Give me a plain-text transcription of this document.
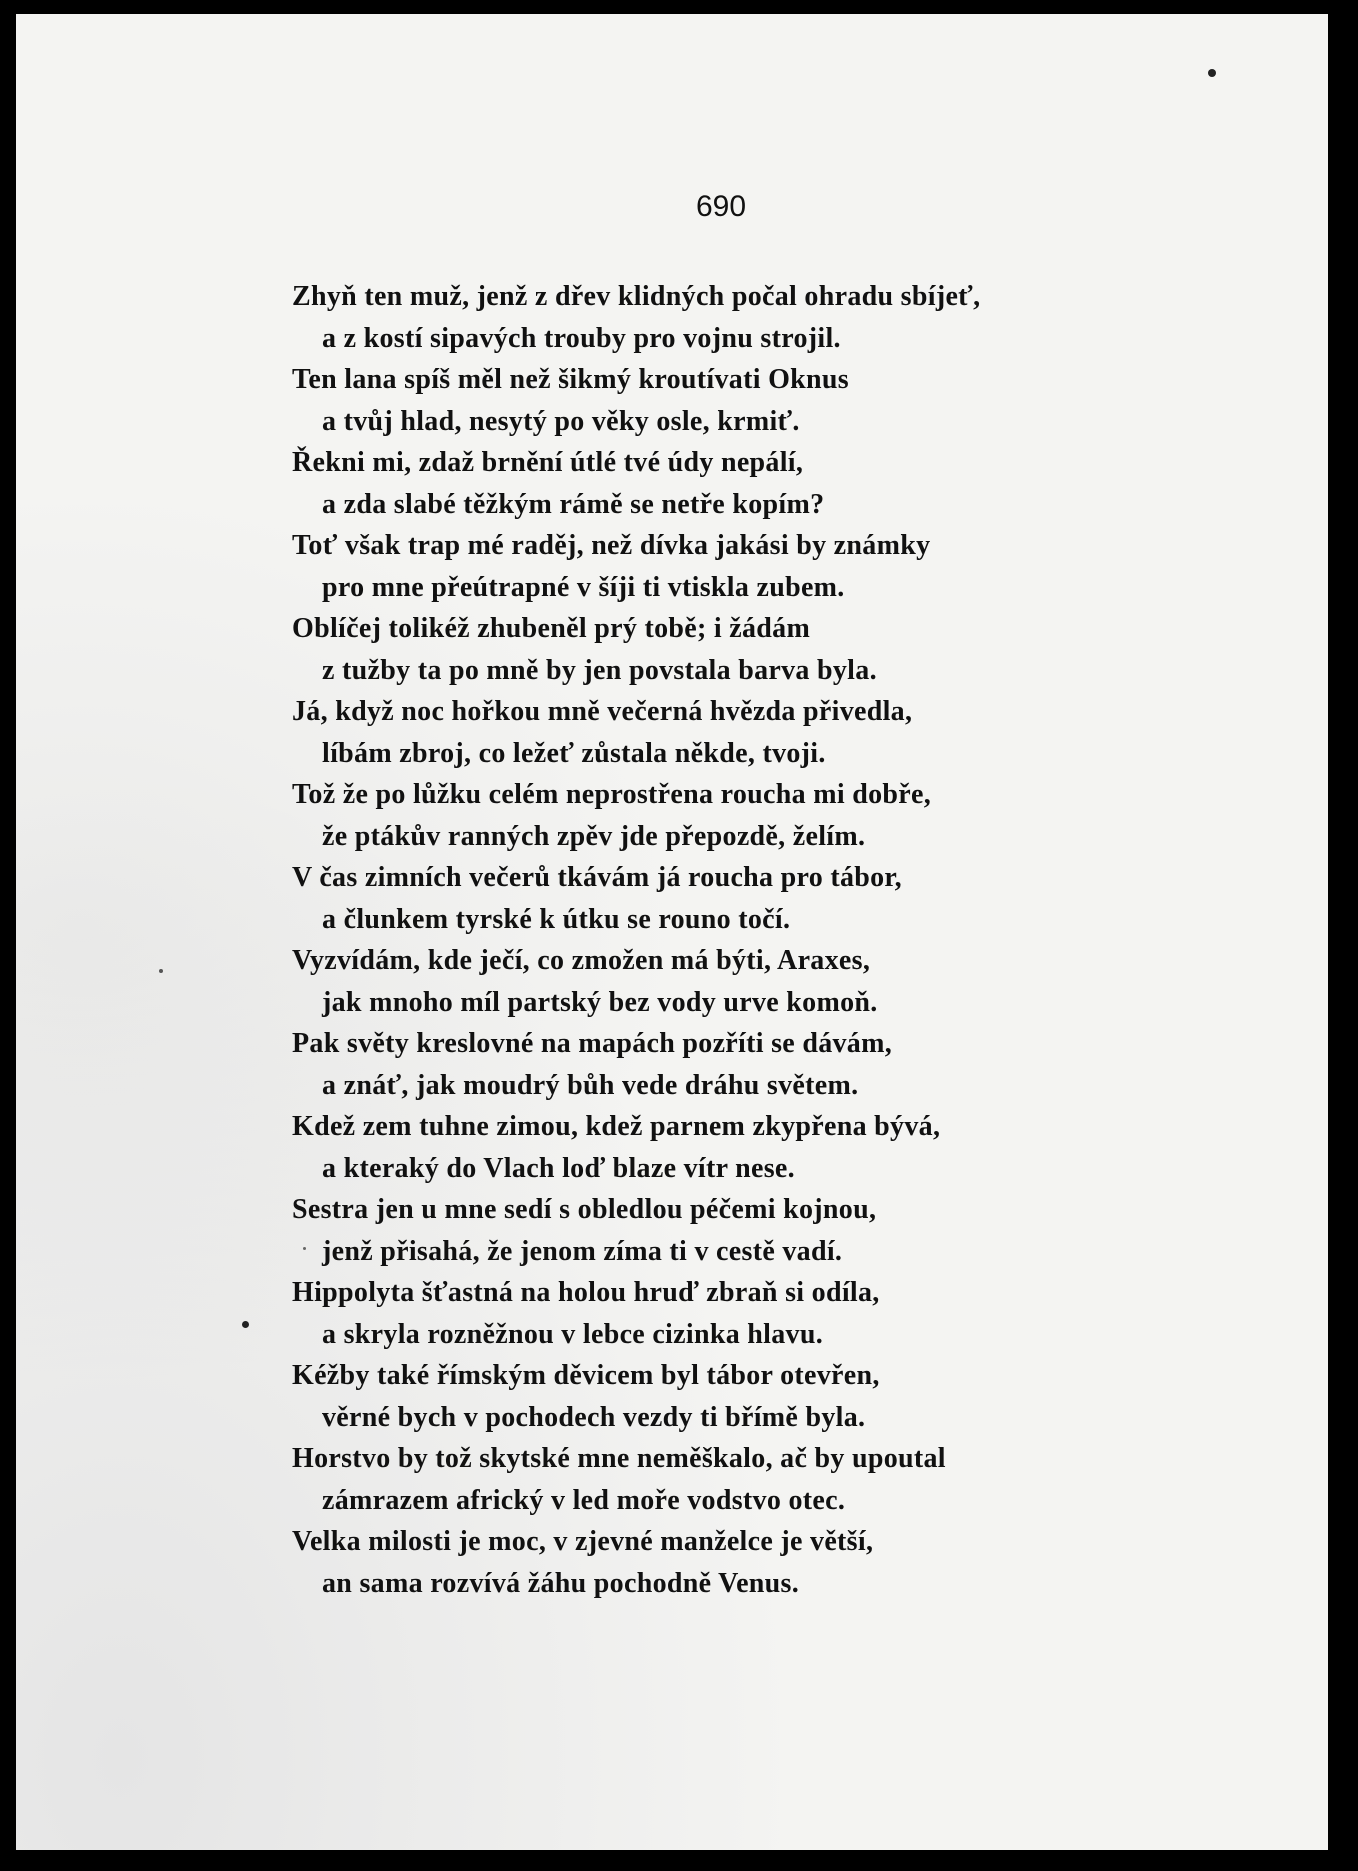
690
Zhyň ten muž, jenž z dřev klidných počal ohradu sbíjeť,
a z kostí sipavých trouby pro vojnu strojil.
Ten lana spíš měl než šikmý kroutívati Oknus
a tvůj hlad, nesytý po věky osle, krmiť.
Řekni mi, zdaž brnění útlé tvé údy nepálí,
a zda slabé těžkým rámě se netře kopím?
Toť však trap mé raděj, než dívka jakási by známky
pro mne přeútrapné v šíji ti vtiskla zubem.
Oblíčej tolikéž zhubeněl prý tobě; i žádám
z tužby ta po mně by jen povstala barva byla.
Já, když noc hořkou mně večerná hvězda přivedla,
líbám zbroj, co ležeť zůstala někde, tvoji.
Tož že po lůžku celém neprostřena roucha mi dobře,
že ptákův ranných zpěv jde přepozdě, želím.
V čas zimních večerů tkávám já roucha pro tábor,
a člunkem tyrské k útku se rouno točí.
Vyzvídám, kde ječí, co zmožen má býti, Araxes,
jak mnoho míl partský bez vody urve komoň.
Pak světy kreslovné na mapách pozříti se dávám,
a znáť, jak moudrý bůh vede dráhu světem.
Kdež zem tuhne zimou, kdež parnem zkypřena bývá,
a kteraký do Vlach loď blaze vítr nese.
Sestra jen u mne sedí s obledlou péčemi kojnou,
jenž přisahá, že jenom zíma ti v cestě vadí.
Hippolyta šťastná na holou hruď zbraň si odíla,
a skryla rozněžnou v lebce cizinka hlavu.
Kéžby také římským děvicem byl tábor otevřen,
věrné bych v pochodech vezdy ti břímě byla.
Horstvo by tož skytské mne neměškalo, ač by upoutal
zámrazem africký v led moře vodstvo otec.
Velka milosti je moc, v zjevné manželce je větší,
an sama rozvívá žáhu pochodně Venus.
